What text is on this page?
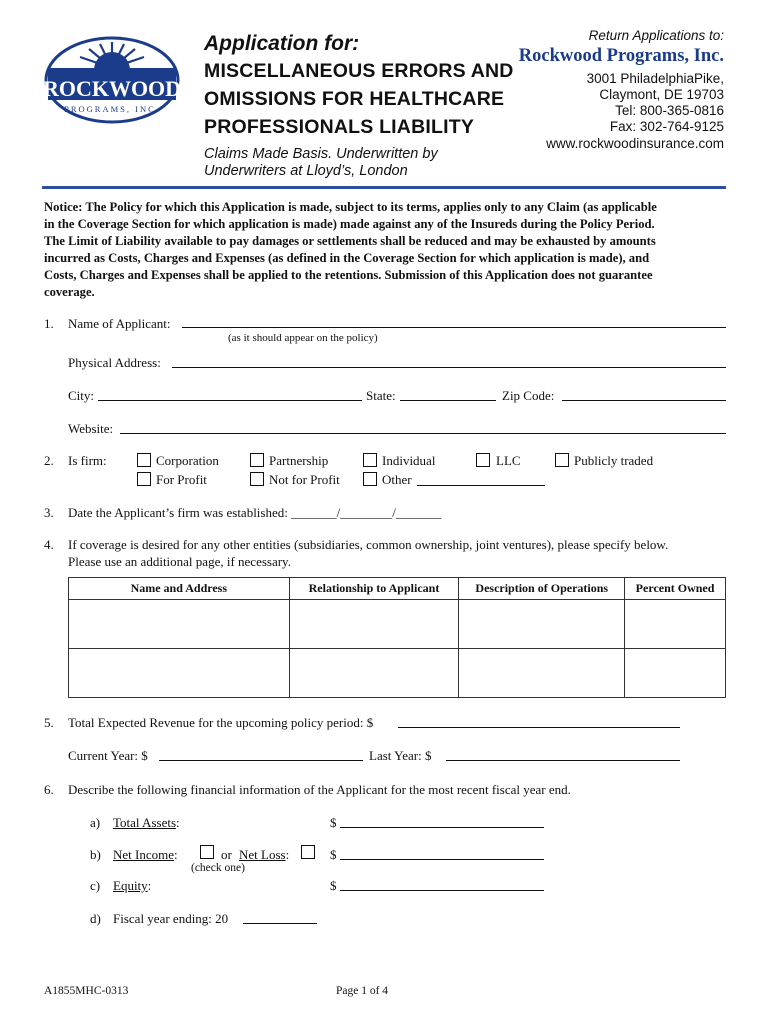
ROCKWOOD
PROGRAMS, INC.
Application for:
MISCELLANEOUS ERRORS AND
OMISSIONS FOR HEALTHCARE
PROFESSIONALS LIABILITY
Claims Made Basis. Underwritten by
Underwriters at Lloyd’s, London
Return Applications to:
Rockwood Programs, Inc.
3001 PhiladelphiaPike,
Claymont, DE 19703
Tel: 800-365-0816
Fax: 302-764-9125
www.rockwoodinsurance.com
Notice: The Policy for which this Application is made, subject to its terms, applies only to any Claim (as applicable
in the Coverage Section for which application is made) made against any of the Insureds during the Policy Period.
The Limit of Liability available to pay damages or settlements shall be reduced and may be exhausted by amounts
incurred as Costs, Charges and Expenses (as defined in the Coverage Section for which application is made), and
Costs, Charges and Expenses shall be applied to the retentions. Submission of this Application does not guarantee
coverage.
1. Name of Applicant:
(as it should appear on the policy)
Physical Address:
City:	State:	Zip Code:
Website:
2. Is firm:	Corporation
For Profit
Partnership
Not for Profit
Individual
Other
LLC	Publicly traded
3. Date the Applicant’s firm was established: _______/________/_______
4. If coverage is desired for any other entities (subsidiaries, common ownership, joint ventures), please specify below.
Please use an additional page, if necessary.
Name and Address	Relationship to Applicant	Description of Operations	Percent Owned

5. Total Expected Revenue for the upcoming policy period: $
Current Year: $	Last Year: $
6. Describe the following financial information of the Applicant for the most recent fiscal year end.
a) Total Assets:	$
b) Net Income:	or Net Loss:	$
(check one)
c) Equity:	$
d) Fiscal year ending: 20
A1855MHC-0313	Page 1 of 4
